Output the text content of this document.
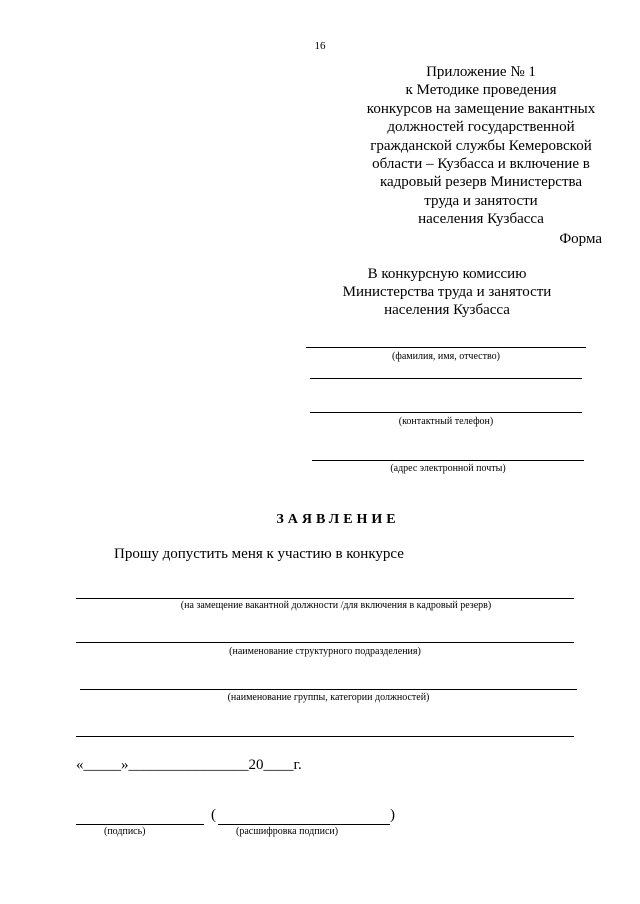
16
Приложение № 1
к Методике проведения
конкурсов на замещение вакантных
должностей государственной
гражданской службы Кемеровской
области – Кузбасса и включение в
кадровый резерв Министерства
труда и занятости
населения Кузбасса
Форма
В конкурсную комиссию
Министерства труда и занятости
населения Кузбасса
(фамилия, имя, отчество)
(контактный телефон)
(адрес электронной почты)
ЗАЯВЛЕНИЕ
Прошу допустить меня к участию в конкурсе
(на замещение вакантной должности /для включения в кадровый резерв)
(наименование структурного подразделения)
(наименование группы, категории должностей)
«_____»________________20____г.
(	)
(подпись)	(расшифровка подписи)
